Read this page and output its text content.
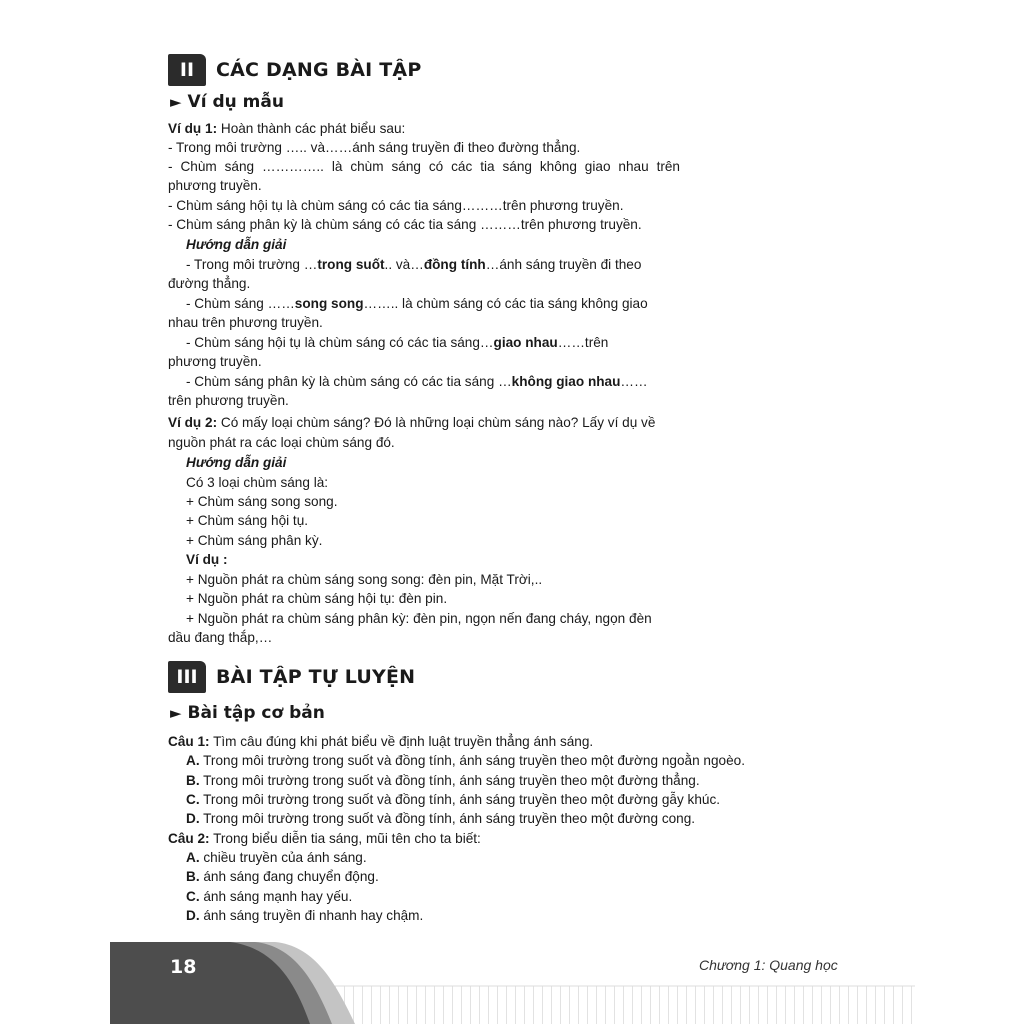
II	CÁC DẠNG BÀI TẬP
► Ví dụ mẫu
Ví dụ 1: Hoàn thành các phát biểu sau:
- Trong môi trường ….. và……ánh sáng truyền đi theo đường thẳng.
- Chùm sáng ………….. là chùm sáng có các tia sáng không giao nhau trên
phương truyền.
- Chùm sáng hội tụ là chùm sáng có các tia sáng………trên phương truyền.
- Chùm sáng phân kỳ là chùm sáng có các tia sáng ………trên phương truyền.
Hướng dẫn giải
- Trong môi trường …trong suốt.. và…đồng tính…ánh sáng truyền đi theo
đường thẳng.
- Chùm sáng ……song song…….. là chùm sáng có các tia sáng không giao
nhau trên phương truyền.
- Chùm sáng hội tụ là chùm sáng có các tia sáng…giao nhau……trên
phương truyền.
- Chùm sáng phân kỳ là chùm sáng có các tia sáng …không giao nhau……
trên phương truyền.
Ví dụ 2: Có mấy loại chùm sáng? Đó là những loại chùm sáng nào? Lấy ví dụ về
nguồn phát ra các loại chùm sáng đó.
Hướng dẫn giải
Có 3 loại chùm sáng là:
+ Chùm sáng song song.
+ Chùm sáng hội tụ.
+ Chùm sáng phân kỳ.
Ví dụ :
+ Nguồn phát ra chùm sáng song song: đèn pin, Mặt Trời,..
+ Nguồn phát ra chùm sáng hội tụ: đèn pin.
+ Nguồn phát ra chùm sáng phân kỳ: đèn pin, ngọn nến đang cháy, ngọn đèn
dầu đang thắp,…
III BÀI TẬP TỰ LUYỆN
► Bài tập cơ bản
Câu 1: Tìm câu đúng khi phát biểu về định luật truyền thẳng ánh sáng.
A. Trong môi trường trong suốt và đồng tính, ánh sáng truyền theo một đường ngoằn ngoèo.
B. Trong môi trường trong suốt và đồng tính, ánh sáng truyền theo một đường thẳng.
C. Trong môi trường trong suốt và đồng tính, ánh sáng truyền theo một đường gẫy khúc.
D. Trong môi trường trong suốt và đồng tính, ánh sáng truyền theo một đường cong.
Câu 2: Trong biểu diễn tia sáng, mũi tên cho ta biết:
A. chiều truyền của ánh sáng.
B. ánh sáng đang chuyển động.
C. ánh sáng mạnh hay yếu.
D. ánh sáng truyền đi nhanh hay chậm.
18	Chương 1: Quang học
